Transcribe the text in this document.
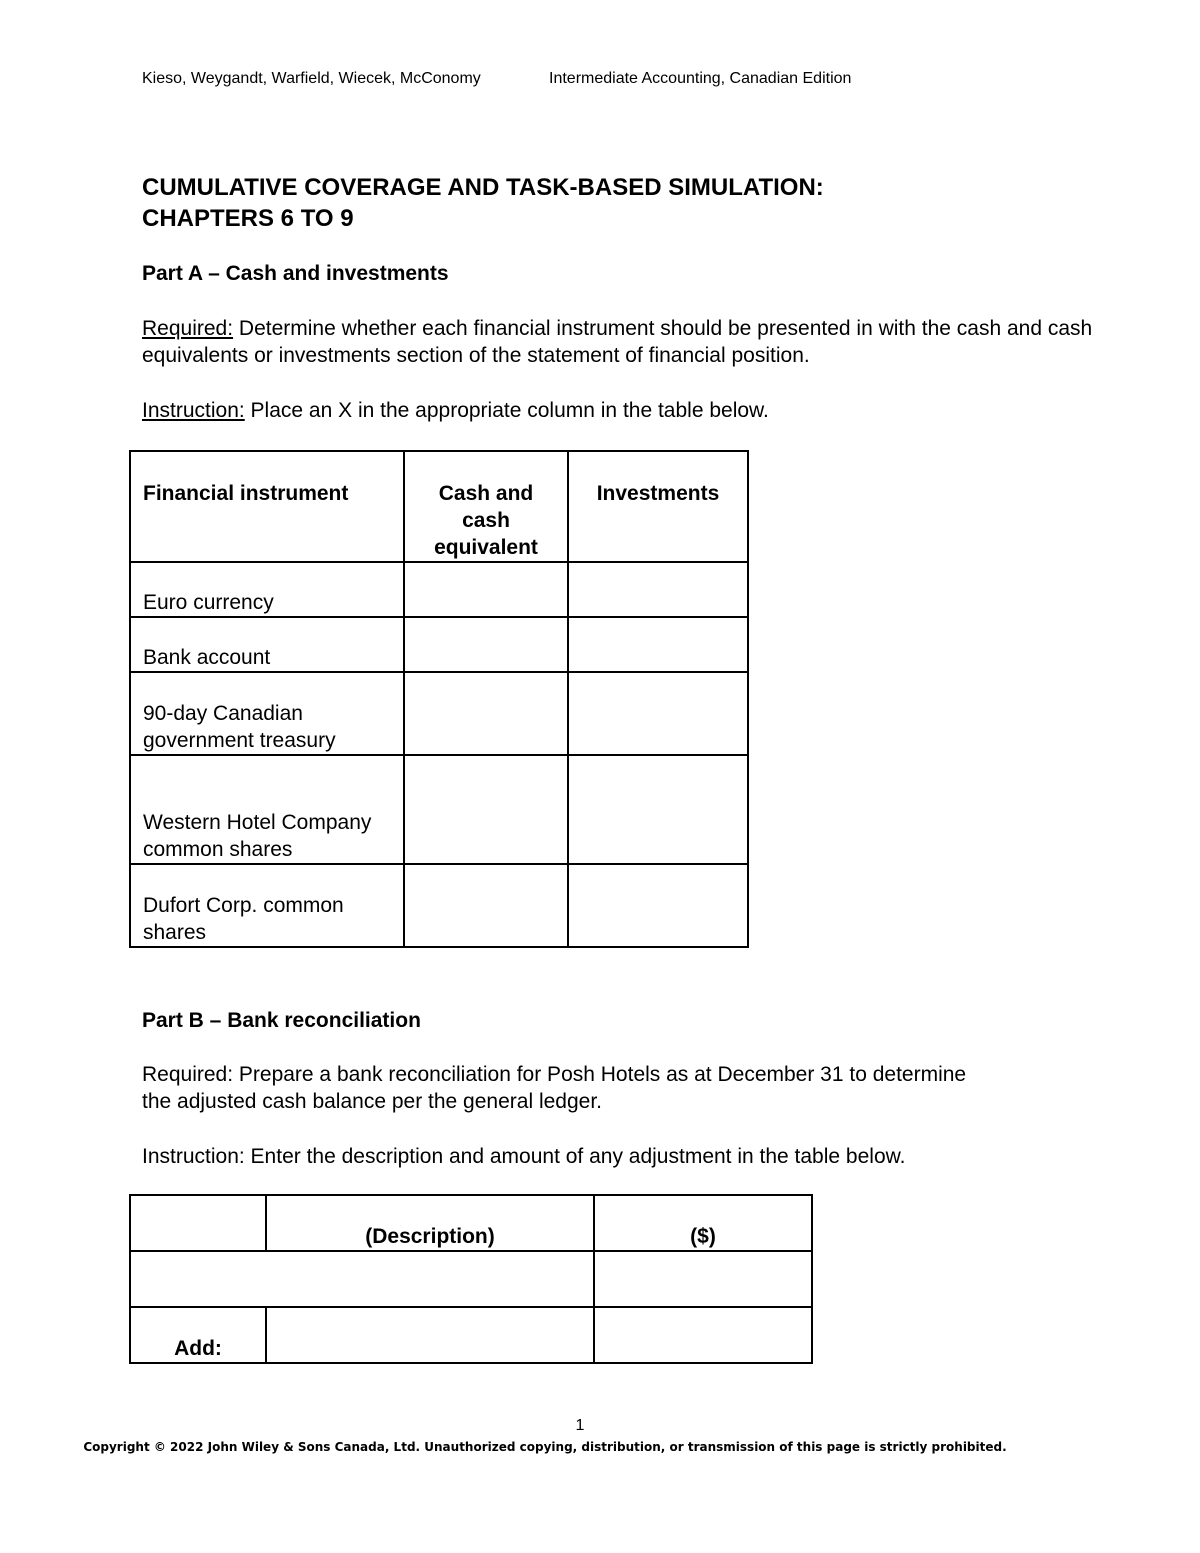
Kieso, Weygandt, Warfield, Wiecek, McConomy	Intermediate Accounting, Canadian Edition
CUMULATIVE COVERAGE AND TASK-BASED SIMULATION:
CHAPTERS 6 TO 9
Part A – Cash and investments
Required: Determine whether each financial instrument should be presented in with the cash and cash equivalents or investments section of the statement of financial position.
Instruction: Place an X in the appropriate column in the table below.
Financial instrument	Cash and cash equivalent	Investments
Euro currency		
Bank account		
90-day Canadian government treasury		
Western Hotel Company common shares		
Dufort Corp. common shares		
Part B – Bank reconciliation
Required: Prepare a bank reconciliation for Posh Hotels as at December 31 to determine the adjusted cash balance per the general ledger.
Instruction: Enter the description and amount of any adjustment in the table below.
	(Description)	($)

Add:		
1
Copyright © 2022 John Wiley & Sons Canada, Ltd. Unauthorized copying, distribution, or transmission of this page is strictly prohibited.
